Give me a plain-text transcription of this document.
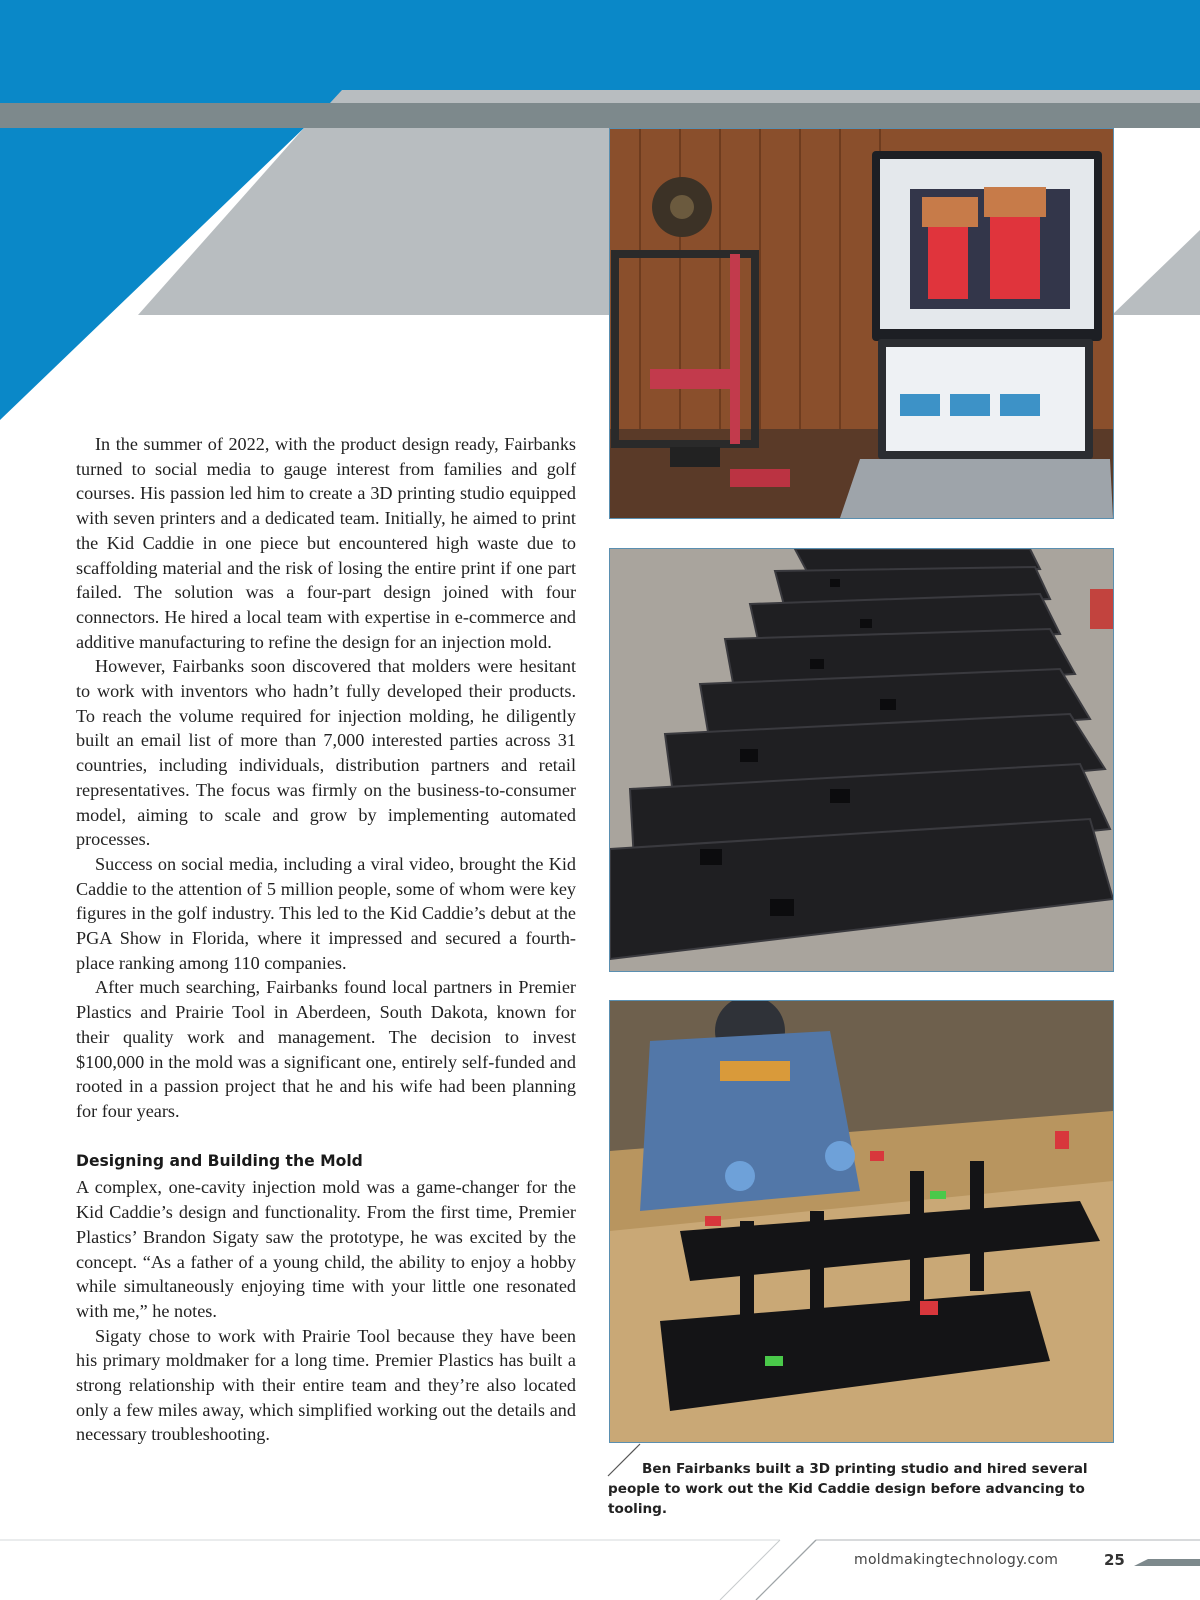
In the summer of 2022, with the product design ready, Fairbanks turned to social media to gauge interest from families and golf courses. His passion led him to create a 3D printing studio equipped with seven printers and a dedicated team. Initially, he aimed to print the Kid Caddie in one piece but encountered high waste due to scaffolding material and the risk of losing the entire print if one part failed. The solution was a four-part design joined with four connectors. He hired a local team with expertise in e-commerce and additive manufacturing to refine the design for an injection mold.

However, Fairbanks soon discovered that molders were hesitant to work with inventors who hadn’t fully developed their products. To reach the volume required for injection molding, he diligently built an email list of more than 7,000 interested parties across 31 countries, including individuals, distribution partners and retail representatives. The focus was firmly on the business-to-consumer model, aiming to scale and grow by implementing automated processes.

Success on social media, including a viral video, brought the Kid Caddie to the attention of 5 million people, some of whom were key figures in the golf industry. This led to the Kid Caddie’s debut at the PGA Show in Florida, where it impressed and secured a fourth-place ranking among 110 companies.

After much searching, Fairbanks found local partners in Premier Plastics and Prairie Tool in Aberdeen, South Dakota, known for their quality work and management. The decision to invest $100,000 in the mold was a significant one, entirely self-funded and rooted in a passion project that he and his wife had been planning for four years.

Designing and Building the Mold

A complex, one-cavity injection mold was a game-changer for the Kid Caddie’s design and functionality. From the first time, Premier Plastics’ Brandon Sigaty saw the prototype, he was excited by the concept. “As a father of a young child, the ability to enjoy a hobby while simultaneously enjoying time with your little one resonated with me,” he notes.

Sigaty chose to work with Prairie Tool because they have been his primary moldmaker for a long time. Premier Plastics has built a strong relationship with their entire team and they’re also located only a few miles away, which simplified working out the details and necessary troubleshooting.

Ben Fairbanks built a 3D printing studio and hired several people to work out the Kid Caddie design before advancing to tooling.
moldmakingtechnology.com	25
